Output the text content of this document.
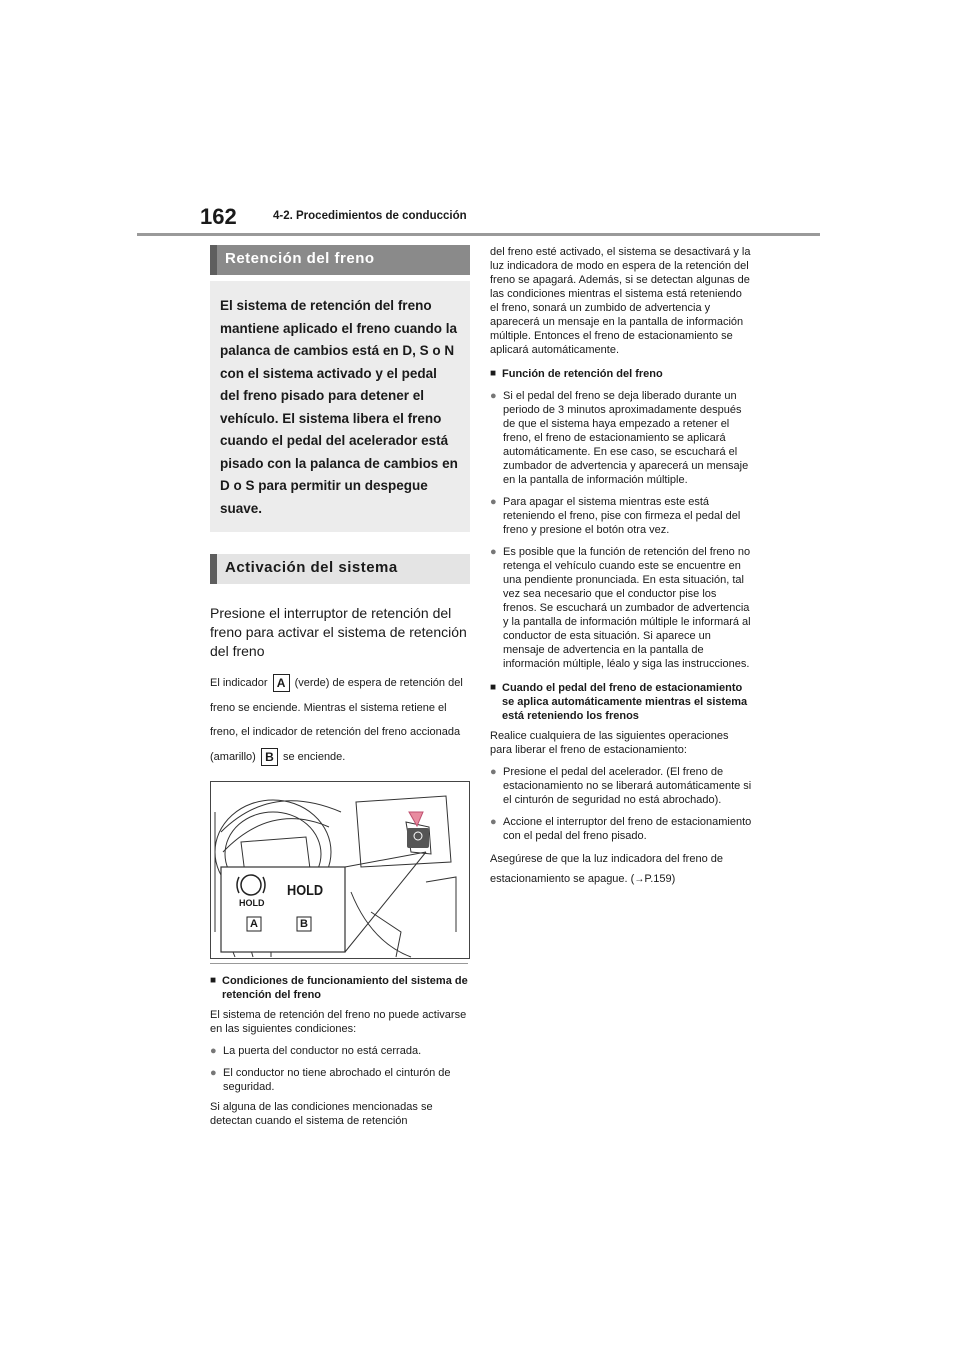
162	4-2. Procedimientos de conducción
Retención del freno
El sistema de retención del freno mantiene aplicado el freno cuando la palanca de cambios está en D, S o N con el sistema activado y el pedal del freno pisado para detener el vehículo. El sistema libera el freno cuando el pedal del acelerador está pisado con la palanca de cambios en D o S para permitir un despegue suave.
Activación del sistema
Presione el interruptor de retención del freno para activar el sistema de retención del freno
El indicador A (verde) de espera de retención del freno se enciende. Mientras el sistema retiene el freno, el indicador de retención del freno accionada (amarillo) B se enciende.
HOLD
HOLD
A	B
■ Condiciones de funcionamiento del sistema de retención del freno
El sistema de retención del freno no puede activarse en las siguientes condiciones:
● La puerta del conductor no está cerrada.
● El conductor no tiene abrochado el cinturón de seguridad.
Si alguna de las condiciones mencionadas se detectan cuando el sistema de retención
del freno esté activado, el sistema se desactivará y la luz indicadora de modo en espera de la retención del freno se apagará. Además, si se detectan algunas de las condiciones mientras el sistema está reteniendo el freno, sonará un zumbido de advertencia y aparecerá un mensaje en la pantalla de información múltiple. Entonces el freno de estacionamiento se aplicará automáticamente.
■ Función de retención del freno
● Si el pedal del freno se deja liberado durante un periodo de 3 minutos aproximadamente después de que el sistema haya empezado a retener el freno, el freno de estacionamiento se aplicará automáticamente. En ese caso, se escuchará el zumbador de advertencia y aparecerá un mensaje en la pantalla de información múltiple.
● Para apagar el sistema mientras este está reteniendo el freno, pise con firmeza el pedal del freno y presione el botón otra vez.
● Es posible que la función de retención del freno no retenga el vehículo cuando este se encuentre en una pendiente pronunciada. En esta situación, tal vez sea necesario que el conductor pise los frenos. Se escuchará un zumbador de advertencia y la pantalla de información múltiple le informará al conductor de esta situación. Si aparece un mensaje de advertencia en la pantalla de información múltiple, léalo y siga las instrucciones.
■ Cuando el pedal del freno de estacionamiento se aplica automáticamente mientras el sistema está reteniendo los frenos
Realice cualquiera de las siguientes operaciones para liberar el freno de estacionamiento:
● Presione el pedal del acelerador. (El freno de estacionamiento no se liberará automáticamente si el cinturón de seguridad no está abrochado).
● Accione el interruptor del freno de estacionamiento con el pedal del freno pisado.
Asegúrese de que la luz indicadora del freno de estacionamiento se apague. (→P.159)
